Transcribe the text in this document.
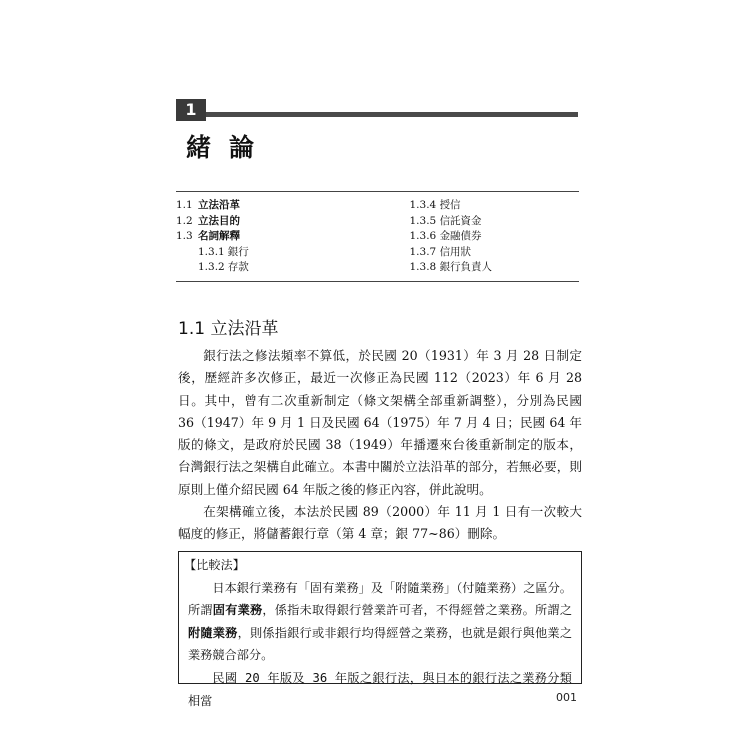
1
緒論
1.1 立法沿革
1.2 立法目的
1.3 名詞解釋
1.3.1 銀行
1.3.2 存款
1.3.4 授信
1.3.5 信託資金
1.3.6 金融債券
1.3.7 信用狀
1.3.8 銀行負責人
1.1 立法沿革

銀行法之修法頻率不算低，於民國 20（1931）年 3 月 28 日制定後，歷經許多次修正，最近一次修正為民國 112（2023）年 6 月 28 日。其中，曾有二次重新制定（條文架構全部重新調整），分別為民國 36（1947）年 9 月 1 日及民國 64（1975）年 7 月 4 日；民國 64 年版的條文，是政府於民國 38（1949）年播遷來台後重新制定的版本，台灣銀行法之架構自此確立。本書中關於立法沿革的部分，若無必要，則原則上僅介紹民國 64 年版之後的修正內容，併此說明。

在架構確立後，本法於民國 89（2000）年 11 月 1 日有一次較大幅度的修正，將儲蓄銀行章（第 4 章；銀 77~86）刪除。

【比較法】

日本銀行業務有「固有業務」及「附隨業務」（付隨業務）之區分。所謂固有業務，係指未取得銀行營業許可者，不得經營之業務。所謂之附隨業務，則係指銀行或非銀行均得經營之業務，也就是銀行與他業之業務競合部分。

民國 20 年版及 36 年版之銀行法，與日本的銀行法之業務分類相當	001
